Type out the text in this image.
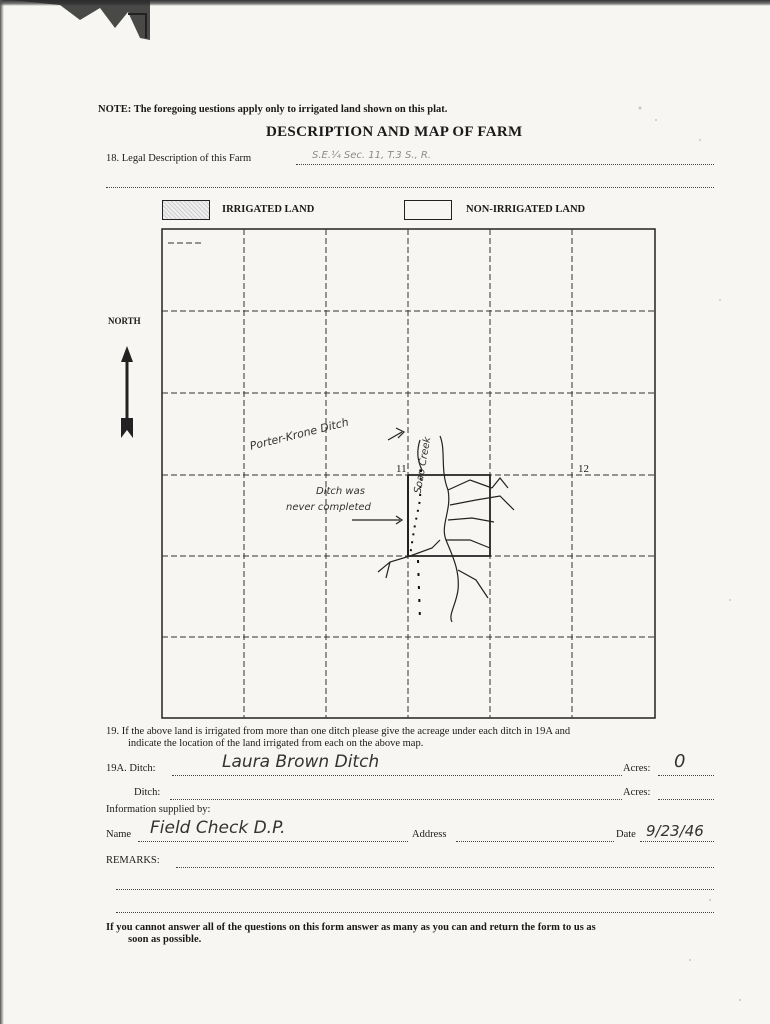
NOTE: The foregoing uestions apply only to irrigated land shown on this plat.
DESCRIPTION AND MAP OF FARM
18. Legal Description of this Farm	S.E.¼ Sec. 11, T.3 S., R.
IRRIGATED LAND	NON-IRRIGATED LAND
NORTH
11	12
Porter-Krone Ditch
Ditch was
never completed
Soap Creek
19. If the above land is irrigated from more than one ditch please give the acreage under each ditch in 19A and
indicate the location of the land irrigated from each on the above map.
19A. Ditch:	Laura Brown Ditch	Acres: 0
Ditch:	Acres:
Information supplied by:
Name Field Check D.P.	Address	Date 9/23/46
REMARKS:
If you cannot answer all of the questions on this form answer as many as you can and return the form to us as
soon as possible.
